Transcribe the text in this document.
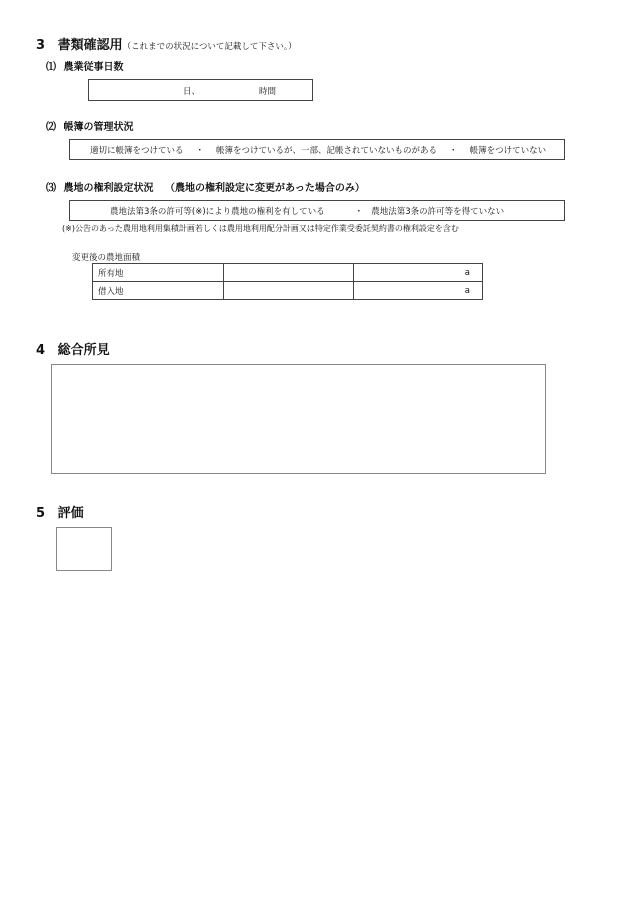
3 書類確認用（これまでの状況について記載して下さい。）
⑴ 農業従事日数
日、	時間
⑵ 帳簿の管理状況
適切に帳簿をつけている ・ 帳簿をつけているが、一部、記帳されていないものがある ・ 帳簿をつけていない
⑶ 農地の権利設定状況 （農地の権利設定に変更があった場合のみ）
農地法第3条の許可等(※)により農地の権利を有している	・ 農地法第3条の許可等を得ていない
(※)公告のあった農用地利用集積計画若しくは農用地利用配分計画又は特定作業受委託契約書の権利設定を含む
変更後の農地面積
所有地		a
借入地		a
4 総合所見
5 評価
